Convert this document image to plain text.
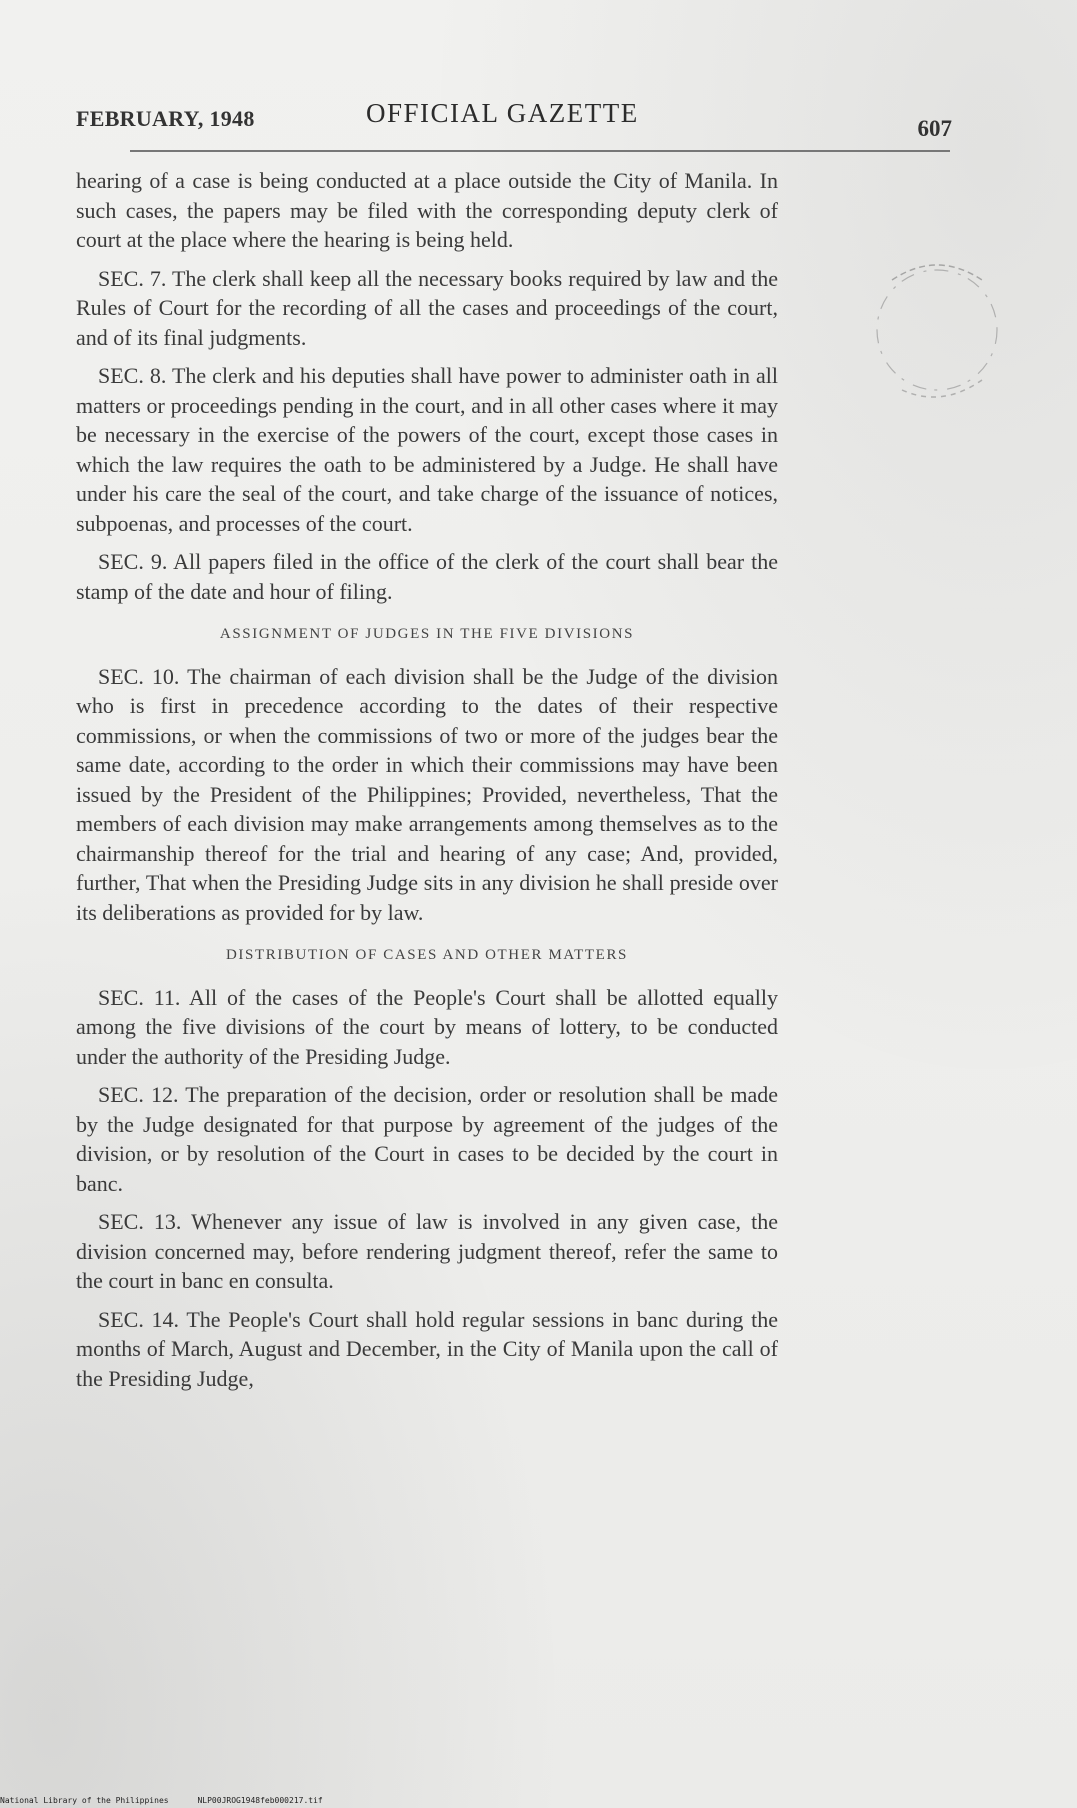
FEBRUARY, 1948	OFFICIAL GAZETTE
607

hearing of a case is being conducted at a place outside the City of Manila. In such cases, the papers may be filed with the corresponding deputy clerk of court at the place where the hearing is being held.

SEC. 7. The clerk shall keep all the necessary books required by law and the Rules of Court for the recording of all the cases and proceedings of the court, and of its final judgments.

SEC. 8. The clerk and his deputies shall have power to administer oath in all matters or proceedings pending in the court, and in all other cases where it may be necessary in the exercise of the powers of the court, except those cases in which the law requires the oath to be administered by a Judge. He shall have under his care the seal of the court, and take charge of the issuance of notices, subpoenas, and processes of the court.

SEC. 9. All papers filed in the office of the clerk of the court shall bear the stamp of the date and hour of filing.

ASSIGNMENT OF JUDGES IN THE FIVE DIVISIONS

SEC. 10. The chairman of each division shall be the Judge of the division who is first in precedence according to the dates of their respective commissions, or when the commissions of two or more of the judges bear the same date, according to the order in which their commissions may have been issued by the President of the Philippines; Provided, nevertheless, That the members of each division may make arrangements among themselves as to the chairmanship thereof for the trial and hearing of any case; And, provided, further, That when the Presiding Judge sits in any division he shall preside over its deliberations as provided for by law.

DISTRIBUTION OF CASES AND OTHER MATTERS

SEC. 11. All of the cases of the People's Court shall be allotted equally among the five divisions of the court by means of lottery, to be conducted under the authority of the Presiding Judge.

SEC. 12. The preparation of the decision, order or resolution shall be made by the Judge designated for that purpose by agreement of the judges of the division, or by resolution of the Court in cases to be decided by the court in banc.

SEC. 13. Whenever any issue of law is involved in any given case, the division concerned may, before rendering judgment thereof, refer the same to the court in banc en consulta.

SEC. 14. The People's Court shall hold regular sessions in banc during the months of March, August and December, in the City of Manila upon the call of the Presiding Judge,

National Library of the Philippines	NLP00JROG1948feb000217.tif
